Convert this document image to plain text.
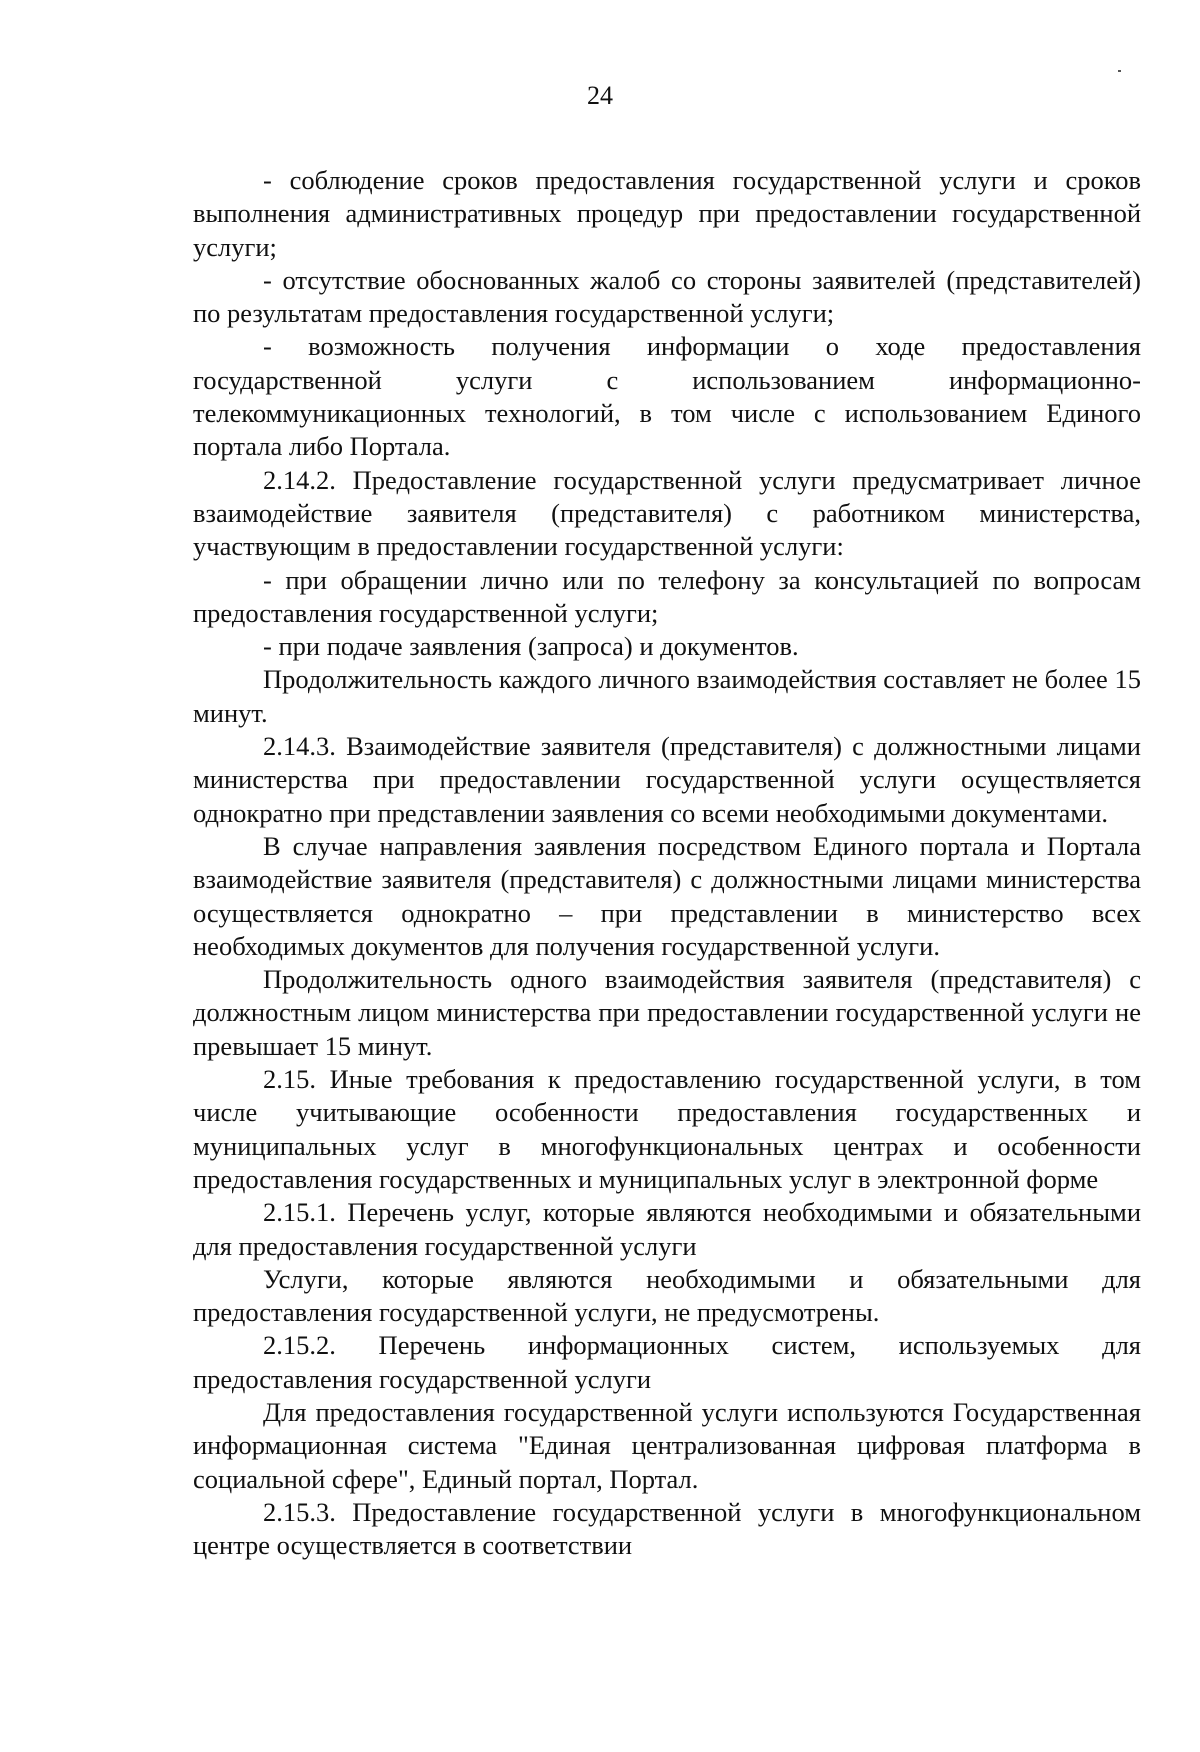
24

- соблюдение сроков предоставления государственной услуги и сроков выполнения административных процедур при предоставлении государственной услуги;

- отсутствие обоснованных жалоб со стороны заявителей (представителей) по результатам предоставления государственной услуги;

- возможность получения информации о ходе предоставления государственной услуги с использованием информационно-телекоммуникационных технологий, в том числе с использованием Единого портала либо Портала.

2.14.2. Предоставление государственной услуги предусматривает личное взаимодействие заявителя (представителя) с работником министерства, участвующим в предоставлении государственной услуги:

- при обращении лично или по телефону за консультацией по вопросам предоставления государственной услуги;

- при подаче заявления (запроса) и документов.

Продолжительность каждого личного взаимодействия составляет не более 15 минут.

2.14.3. Взаимодействие заявителя (представителя) с должностными лицами министерства при предоставлении государственной услуги осуществляется однократно при представлении заявления со всеми необходимыми документами.

В случае направления заявления посредством Единого портала и Портала взаимодействие заявителя (представителя) с должностными лицами министерства осуществляется однократно – при представлении в министерство всех необходимых документов для получения государственной услуги.

Продолжительность одного взаимодействия заявителя (представителя) с должностным лицом министерства при предоставлении государственной услуги не превышает 15 минут.

2.15. Иные требования к предоставлению государственной услуги, в том числе учитывающие особенности предоставления государственных и муниципальных услуг в многофункциональных центрах и особенности предоставления государственных и муниципальных услуг в электронной форме

2.15.1. Перечень услуг, которые являются необходимыми и обязательными для предоставления государственной услуги

Услуги, которые являются необходимыми и обязательными для предоставления государственной услуги, не предусмотрены.

2.15.2. Перечень информационных систем, используемых для предоставления государственной услуги

Для предоставления государственной услуги используются Государственная информационная система "Единая централизованная цифровая платформа в социальной сфере", Единый портал, Портал.

2.15.3. Предоставление государственной услуги в многофункциональном центре осуществляется в соответствии
